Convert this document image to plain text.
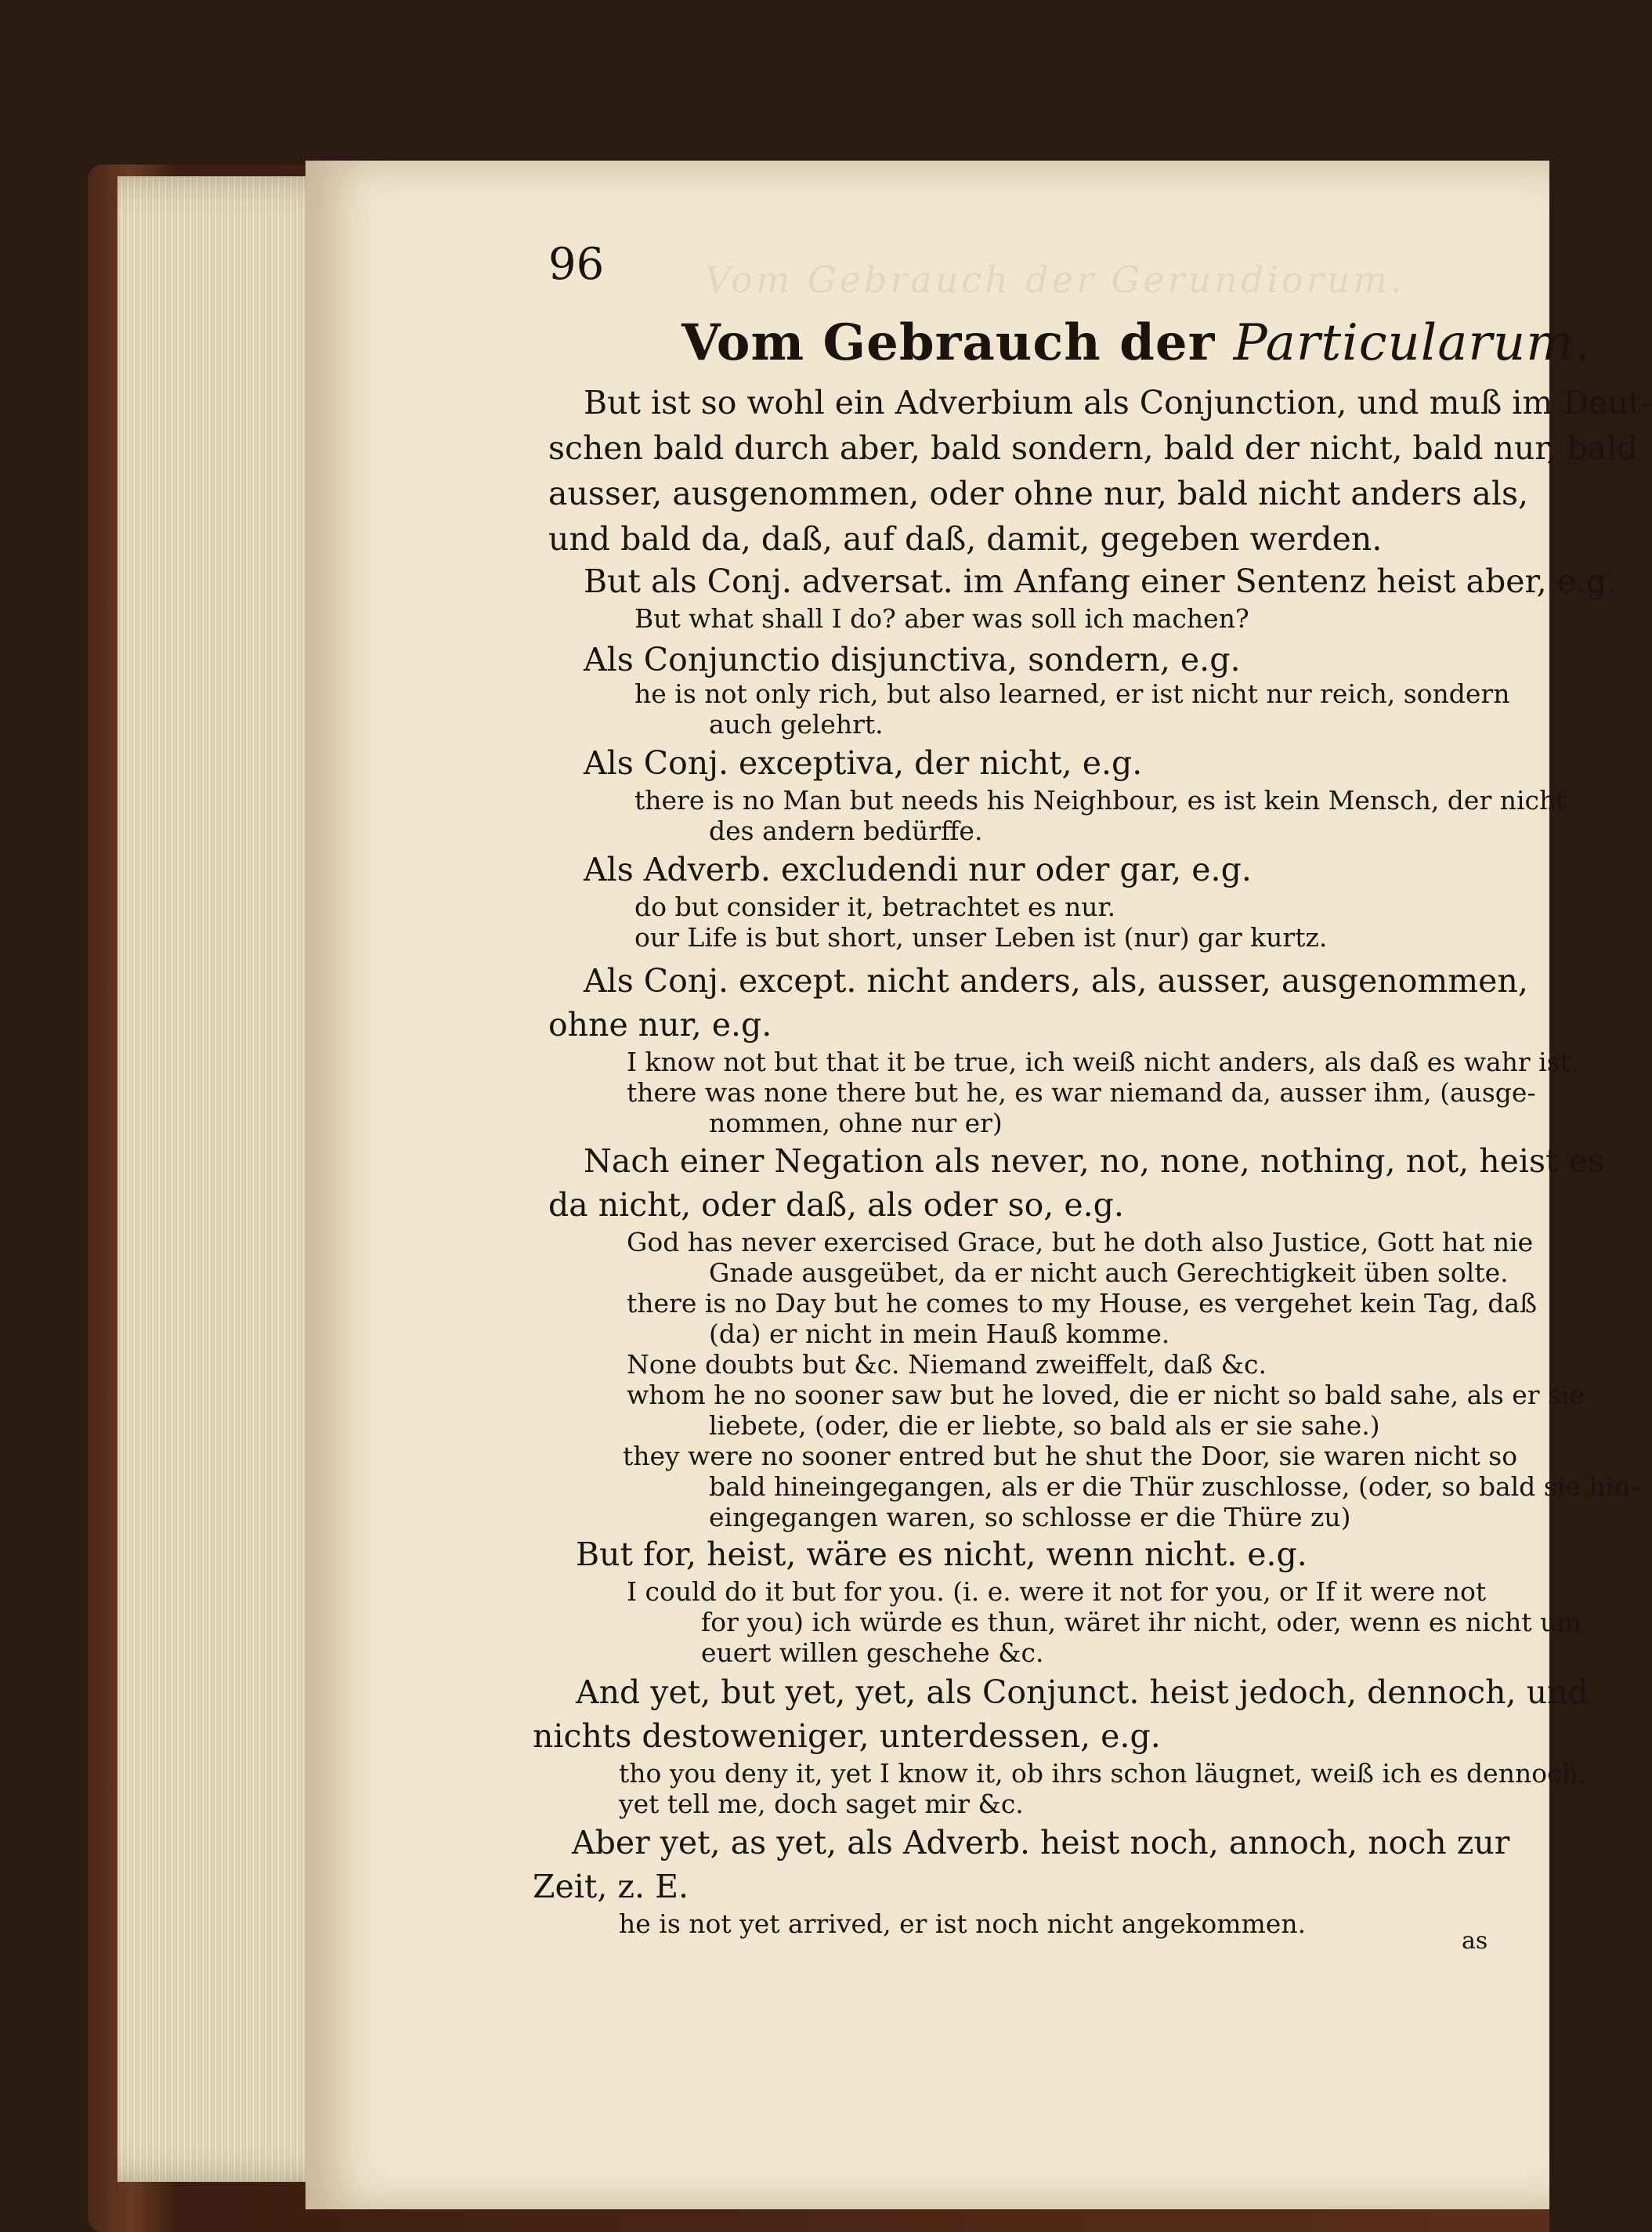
Vom Gebrauch der Gerundiorum.
96
Vom Gebrauch der Particularum.
But ist so wohl ein Adverbium als Conjunction, und muß im Deut-
schen bald durch aber, bald sondern, bald der nicht, bald nur, bald
ausser, ausgenommen, oder ohne nur, bald nicht anders als,
und bald da, daß, auf daß, damit, gegeben werden.
But als Conj. adversat. im Anfang einer Sentenz heist aber, e.g.
But what shall I do? aber was soll ich machen?
Als Conjunctio disjunctiva, sondern, e.g.
he is not only rich, but also learned, er ist nicht nur reich, sondern
auch gelehrt.
Als Conj. exceptiva, der nicht, e.g.
there is no Man but needs his Neighbour, es ist kein Mensch, der nicht
des andern bedürffe.
Als Adverb. excludendi nur oder gar, e.g.
do but consider it, betrachtet es nur.
our Life is but short, unser Leben ist (nur) gar kurtz.
Als Conj. except. nicht anders, als, ausser, ausgenommen,
ohne nur, e.g.
I know not but that it be true, ich weiß nicht anders, als daß es wahr ist.
there was none there but he, es war niemand da, ausser ihm, (ausge-
nommen, ohne nur er)
Nach einer Negation als never, no, none, nothing, not, heist es
da nicht, oder daß, als oder so, e.g.
God has never exercised Grace, but he doth also Justice, Gott hat nie
Gnade ausgeübet, da er nicht auch Gerechtigkeit üben solte.
there is no Day but he comes to my House, es vergehet kein Tag, daß
(da) er nicht in mein Hauß komme.
None doubts but &c. Niemand zweiffelt, daß &c.
whom he no sooner saw but he loved, die er nicht so bald sahe, als er sie
liebete, (oder, die er liebte, so bald als er sie sahe.)
they were no sooner entred but he shut the Door, sie waren nicht so
bald hineingegangen, als er die Thür zuschlosse, (oder, so bald sie hin-
eingegangen waren, so schlosse er die Thüre zu)
But for, heist, wäre es nicht, wenn nicht. e.g.
I could do it but for you. (i. e. were it not for you, or If it were not
for you) ich würde es thun, wäret ihr nicht, oder, wenn es nicht um
euert willen geschehe &c.
And yet, but yet, yet, als Conjunct. heist jedoch, dennoch, und
nichts destoweniger, unterdessen, e.g.
tho you deny it, yet I know it, ob ihrs schon läugnet, weiß ich es dennoch.
yet tell me, doch saget mir &c.
Aber yet, as yet, als Adverb. heist noch, annoch, noch zur
Zeit, z. E.
he is not yet arrived, er ist noch nicht angekommen.
as
